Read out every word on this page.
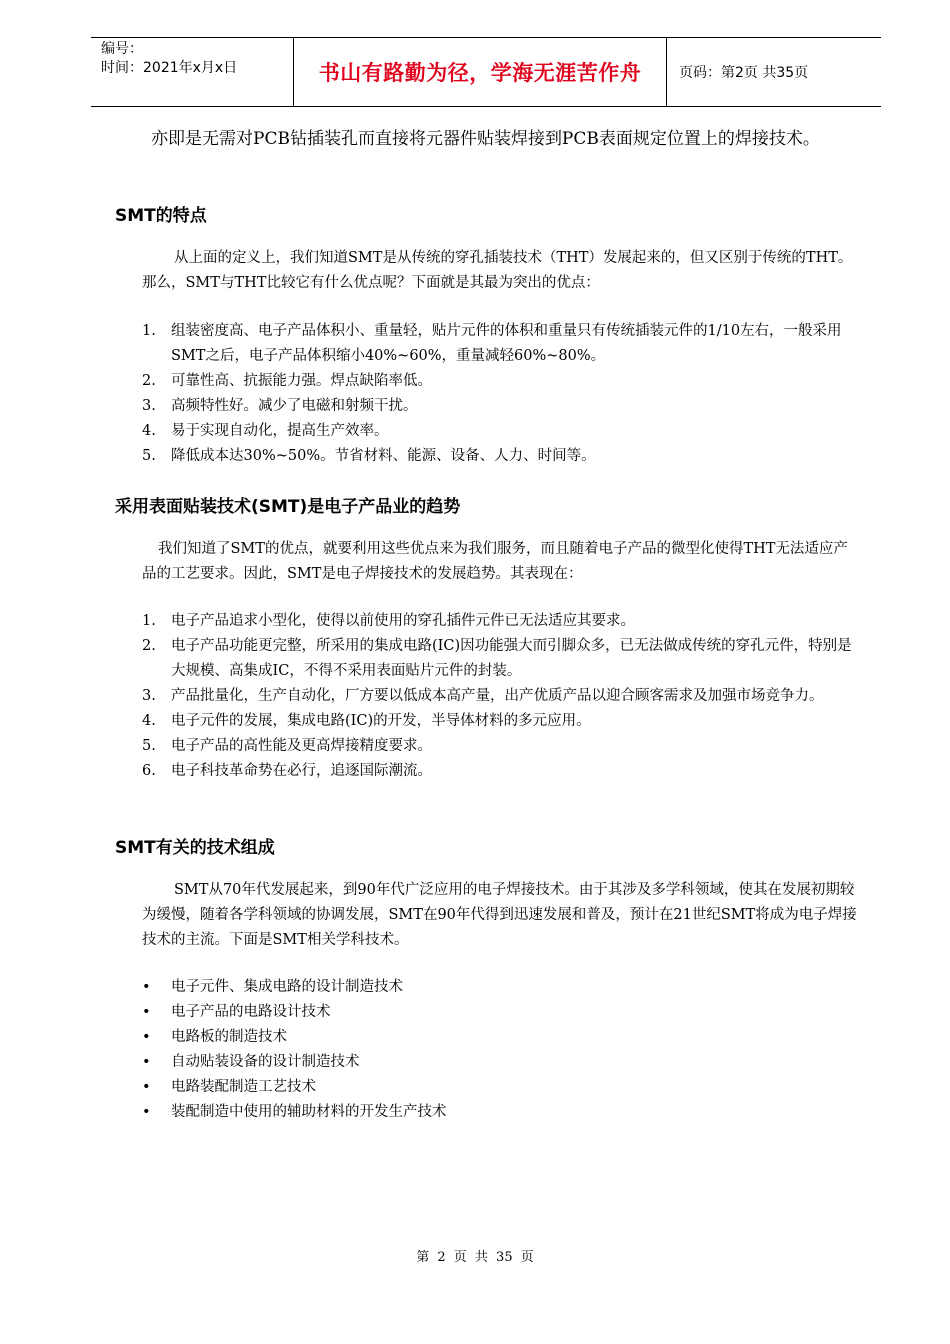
编号：
时间：2021年x月x日	书山有路勤为径，学海无涯苦作舟	页码：第2页 共35页

亦即是无需对PCB钻插装孔而直接将元器件贴装焊接到PCB表面规定位置上的焊接技术。

SMT的特点

从上面的定义上，我们知道SMT是从传统的穿孔插装技术（THT）发展起来的，但又区别于传统的THT。那么，SMT与THT比较它有什么优点呢？下面就是其最为突出的优点：

1. 组装密度高、电子产品体积小、重量轻，贴片元件的体积和重量只有传统插装元件的1/10左右，一般采用SMT之后，电子产品体积缩小40%~60%，重量减轻60%~80%。
2. 可靠性高、抗振能力强。焊点缺陷率低。
3. 高频特性好。减少了电磁和射频干扰。
4. 易于实现自动化，提高生产效率。
5. 降低成本达30%~50%。节省材料、能源、设备、人力、时间等。
采用表面贴装技术(SMT)是电子产品业的趋势

我们知道了SMT的优点，就要利用这些优点来为我们服务，而且随着电子产品的微型化使得THT无法适应产品的工艺要求。因此，SMT是电子焊接技术的发展趋势。其表现在：

1. 电子产品追求小型化，使得以前使用的穿孔插件元件已无法适应其要求。
2. 电子产品功能更完整，所采用的集成电路(IC)因功能强大而引脚众多，已无法做成传统的穿孔元件，特别是大规模、高集成IC，不得不采用表面贴片元件的封装。
3. 产品批量化，生产自动化，厂方要以低成本高产量，出产优质产品以迎合顾客需求及加强市场竞争力。
4. 电子元件的发展，集成电路(IC)的开发，半导体材料的多元应用。
5. 电子产品的高性能及更高焊接精度要求。
6. 电子科技革命势在必行，追逐国际潮流。
SMT有关的技术组成

SMT从70年代发展起来，到90年代广泛应用的电子焊接技术。由于其涉及多学科领域，使其在发展初期较为缓慢，随着各学科领域的协调发展，SMT在90年代得到迅速发展和普及，预计在21世纪SMT将成为电子焊接技术的主流。下面是SMT相关学科技术。

• 电子元件、集成电路的设计制造技术
• 电子产品的电路设计技术
• 电路板的制造技术
• 自动贴装设备的设计制造技术
• 电路装配制造工艺技术
• 装配制造中使用的辅助材料的开发生产技术
第 2 页 共 35 页
